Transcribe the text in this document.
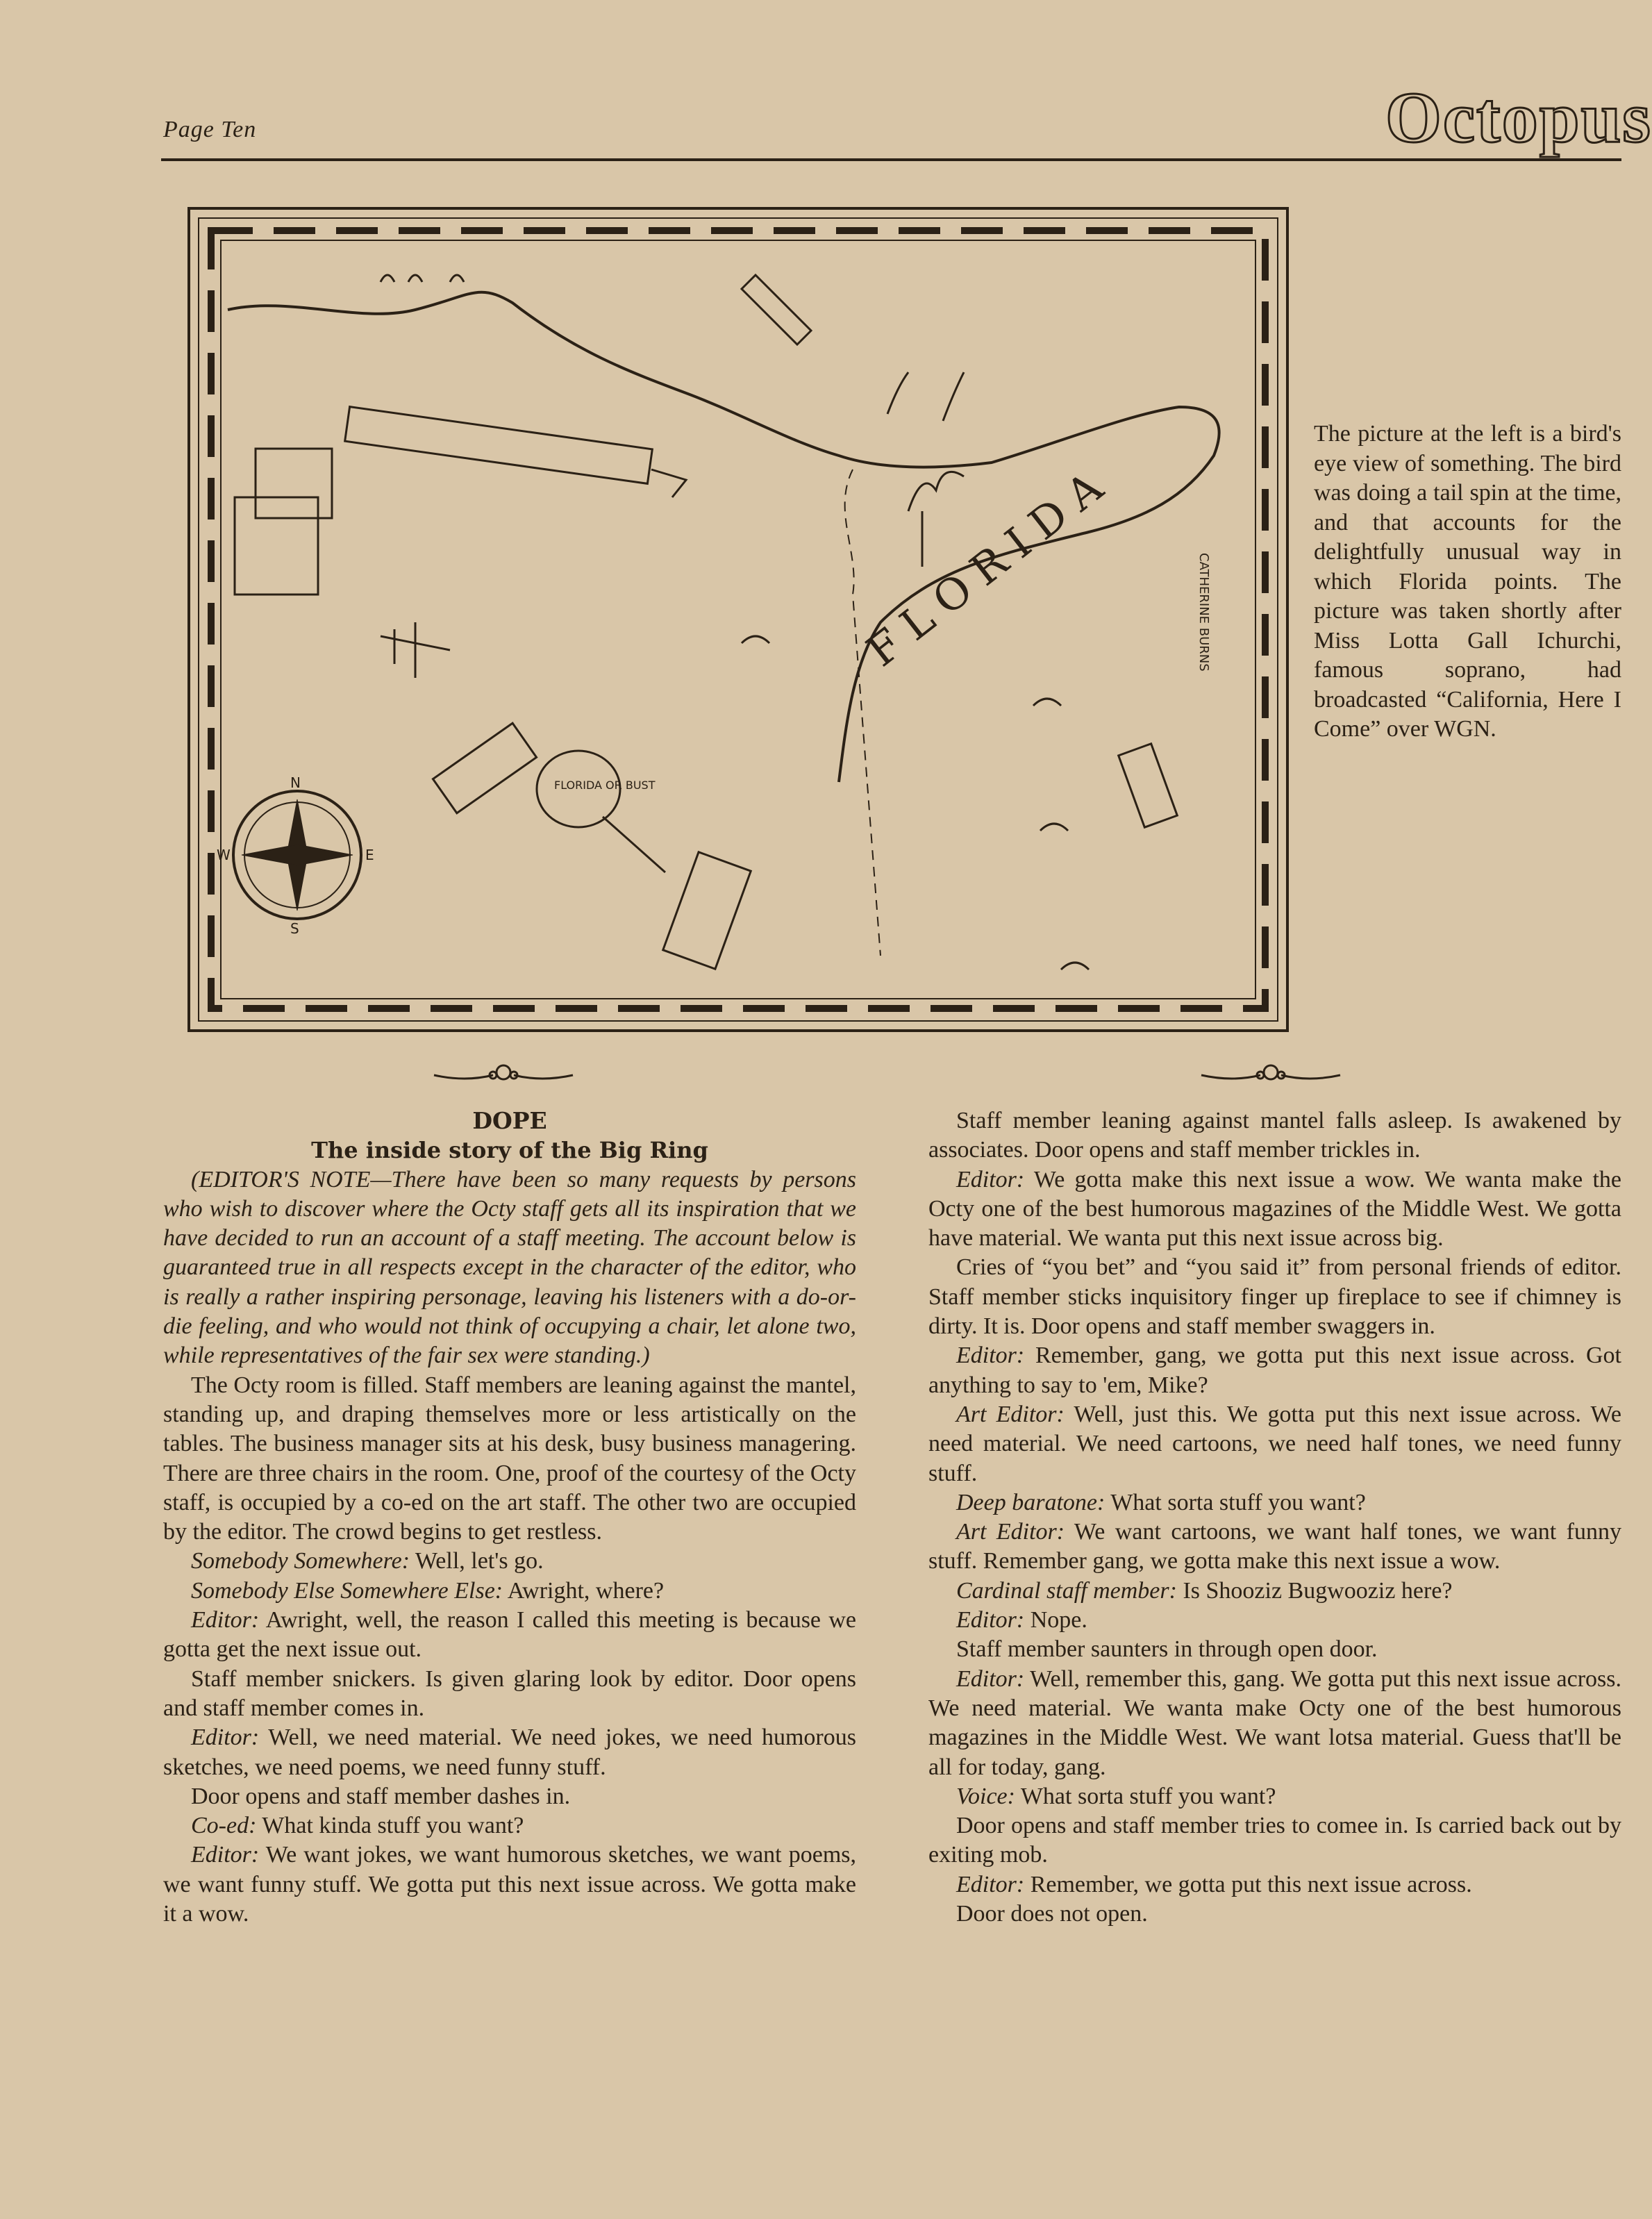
Page Ten	Octopus
N
E
S
W
FLORIDA OR BUST
FLORIDA	CATHERINE BURNS
The picture at the left is a bird's eye view of something. The bird was doing a tail spin at the time, and that accounts for the delightfully unusual way in which Florida points. The picture was taken shortly after Miss Lotta Gall Ichurchi, famous soprano, had broadcasted “California, Here I Come” over WGN.

DOPE

The inside story of the Big Ring

(EDITOR'S NOTE—There have been so many requests by persons who wish to discover where the Octy staff gets all its inspiration that we have decided to run an account of a staff meeting. The account below is guaranteed true in all respects except in the character of the editor, who is really a rather inspiring personage, leaving his listeners with a do-or-die feeling, and who would not think of occupying a chair, let alone two, while representatives of the fair sex were standing.)

The Octy room is filled. Staff members are leaning against the mantel, standing up, and draping themselves more or less artistically on the tables. The business manager sits at his desk, busy business managering. There are three chairs in the room. One, proof of the courtesy of the Octy staff, is occupied by a co-ed on the art staff. The other two are occupied by the editor. The crowd begins to get restless.

Somebody Somewhere: Well, let's go.

Somebody Else Somewhere Else: Awright, where?

Editor: Awright, well, the reason I called this meeting is because we gotta get the next issue out.

Staff member snickers. Is given glaring look by editor. Door opens and staff member comes in.

Editor: Well, we need material. We need jokes, we need humorous sketches, we need poems, we need funny stuff.

Door opens and staff member dashes in.

Co-ed: What kinda stuff you want?

Editor: We want jokes, we want humorous sketches, we want poems, we want funny stuff. We gotta put this next issue across. We gotta make it a wow.

Staff member leaning against mantel falls asleep. Is awakened by associates. Door opens and staff member trickles in.

Editor: We gotta make this next issue a wow. We wanta make the Octy one of the best humorous magazines of the Middle West. We gotta have material. We wanta put this next issue across big.

Cries of “you bet” and “you said it” from personal friends of editor. Staff member sticks inquisitory finger up fireplace to see if chimney is dirty. It is. Door opens and staff member swaggers in.

Editor: Remember, gang, we gotta put this next issue across. Got anything to say to 'em, Mike?

Art Editor: Well, just this. We gotta put this next issue across. We need material. We need cartoons, we need half tones, we need funny stuff.

Deep baratone: What sorta stuff you want?

Art Editor: We want cartoons, we want half tones, we want funny stuff. Remember gang, we gotta make this next issue a wow.

Cardinal staff member: Is Shooziz Bugwooziz here?

Editor: Nope.

Staff member saunters in through open door.

Editor: Well, remember this, gang. We gotta put this next issue across. We need material. We wanta make Octy one of the best humorous magazines in the Middle West. We want lotsa material. Guess that'll be all for today, gang.

Voice: What sorta stuff you want?

Door opens and staff member tries to comee in. Is carried back out by exiting mob.

Editor: Remember, we gotta put this next issue across.

Door does not open.
